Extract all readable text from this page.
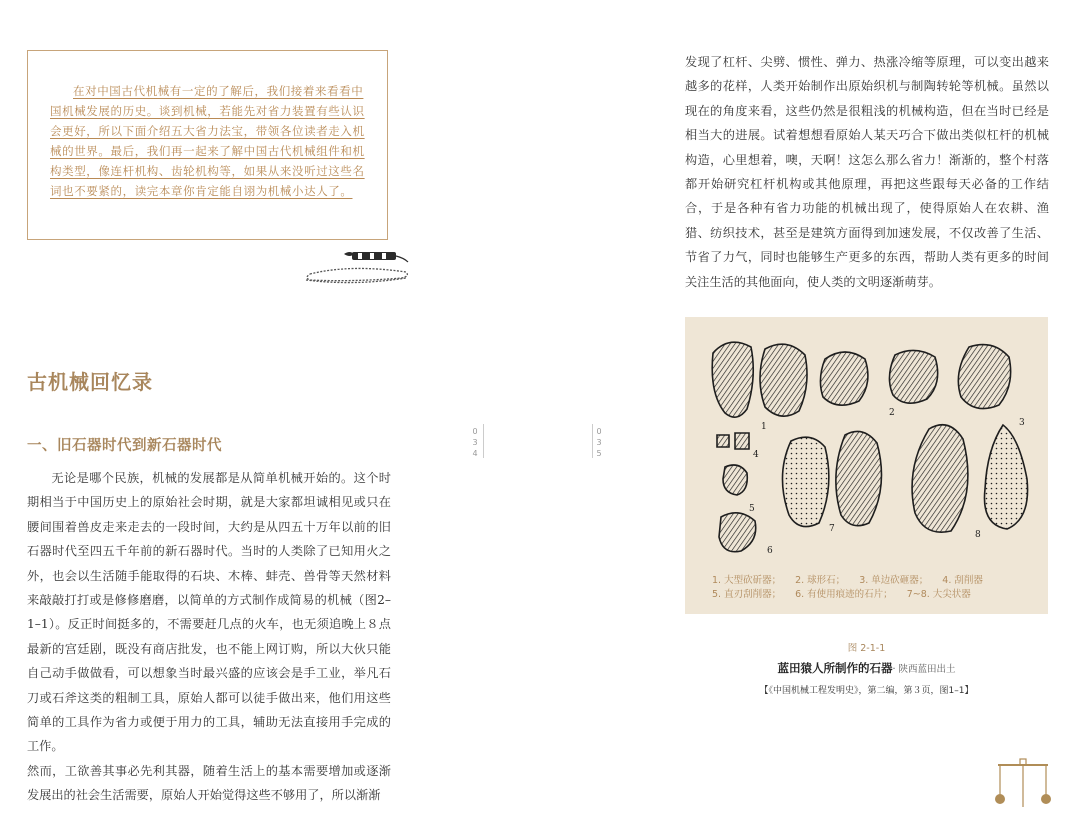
在对中国古代机械有一定的了解后，我们接着来看看中国机械发展的历史。谈到机械，若能先对省力装置有些认识会更好，所以下面介绍五大省力法宝，带领各位读者走入机械的世界。最后，我们再一起来了解中国古代机械组件和机构类型，像连杆机构、齿轮机构等，如果从来没听过这些名词也不要紧的，读完本章你肯定能自诩为机械小达人了。

古机械回忆录
一、旧石器时代到新石器时代

无论是哪个民族，机械的发展都是从简单机械开始的。这个时期相当于中国历史上的原始社会时期，就是大家都坦诚相见或只在腰间围着兽皮走来走去的一段时间，大约是从四五十万年以前的旧石器时代至四五千年前的新石器时代。当时的人类除了已知用火之外，也会以生活随手能取得的石块、木棒、蚌壳、兽骨等天然材料来敲敲打打或是修修磨磨，以简单的方式制作成简易的机械（图2–1–1）。反正时间挺多的，不需要赶几点的火车，也无须追晚上８点最新的宫廷剧，既没有商店批发，也不能上网订购，所以大伙只能自己动手做做看，可以想象当时最兴盛的应该会是手工业，举凡石刀或石斧这类的粗制工具，原始人都可以徒手做出来，他们用这些简单的工具作为省力或便于用力的工具，辅助无法直接用手完成的工作。

然而，工欲善其事必先利其器，随着生活上的基本需要增加或逐渐发展出的社会生活需要，原始人开始觉得这些不够用了，所以渐渐

0
3
4
0
3
5

发现了杠杆、尖劈、惯性、弹力、热涨冷缩等原理，可以变出越来越多的花样，人类开始制作出原始织机与制陶转轮等机械。虽然以现在的角度来看，这些仍然是很粗浅的机械构造，但在当时已经是相当大的进展。试着想想看原始人某天巧合下做出类似杠杆的机械构造，心里想着，噢，天啊！这怎么那么省力！渐渐的，整个村落都开始研究杠杆机构或其他原理，再把这些跟每天必备的工作结合，于是各种有省力功能的机械出现了，使得原始人在农耕、渔猎、纺织技术，甚至是建筑方面得到加速发展，不仅改善了生活、节省了力气，同时也能够生产更多的东西，帮助人类有更多的时间关注生活的其他面向，使人类的文明逐渐萌芽。

1
2
3
4
5
6
7
8
1. 大型砍斫器； 2. 球形石； 3. 单边砍砸器； 4. 刮削器
5. 直刃刮削器； 6. 有使用痕迹的石片； 7~8. 大尖状器

图 2-1-1

蓝田猿人所制作的石器· 陕西蓝田出土

【《中国机械工程发明史》，第二编，第３页，图1–1】
